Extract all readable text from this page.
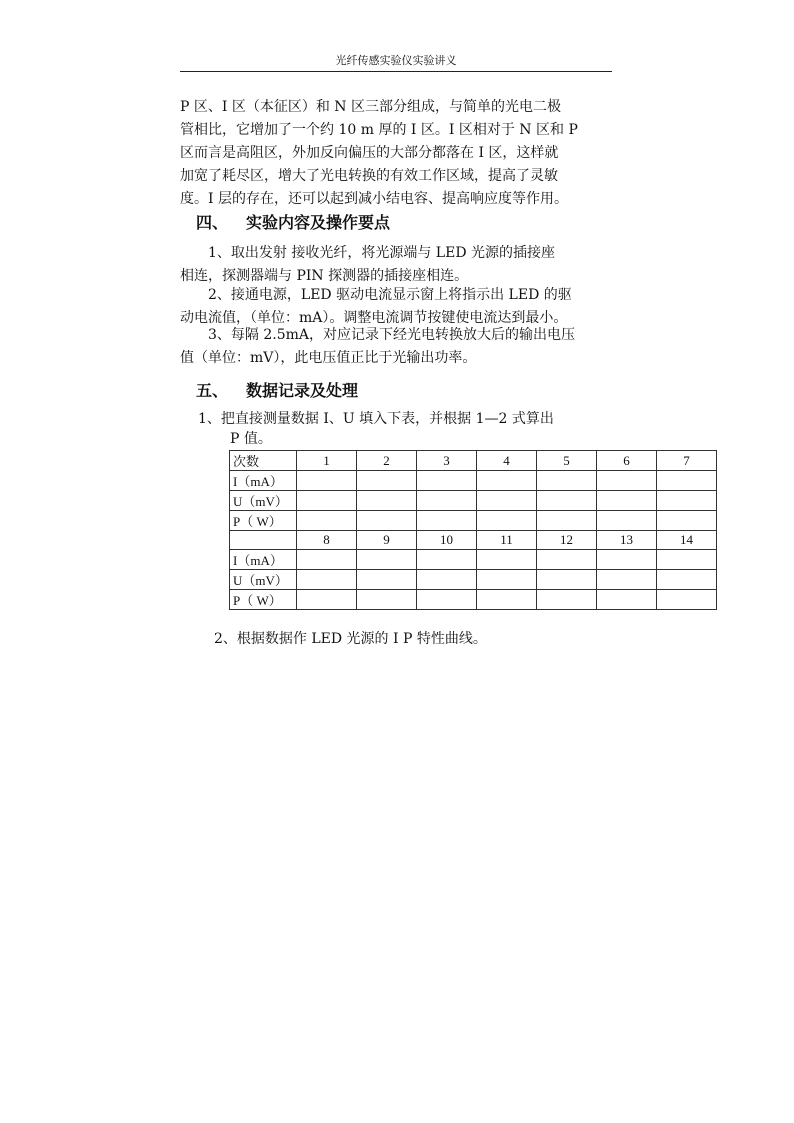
光纤传感实验仪实验讲义

P 区、I 区（本征区）和 N 区三部分组成，与简单的光电二极
管相比，它增加了一个约 10 m 厚的 I 区。I 区相对于 N 区和 P
区而言是高阻区，外加反向偏压的大部分都落在 I 区，这样就
加宽了耗尽区，增大了光电转换的有效工作区域，提高了灵敏
度。I 层的存在，还可以起到减小结电容、提高响应度等作用。

四、 实验内容及操作要点
1、取出发射 接收光纤，将光源端与 LED 光源的插接座
相连，探测器端与 PIN 探测器的插接座相连。
2、接通电源，LED 驱动电流显示窗上将指示出 LED 的驱
动电流值，（单位：mA）。调整电流调节按键使电流达到最小。
3、每隔 2.5mA，对应记录下经光电转换放大后的输出电压
值（单位：mV），此电压值正比于光输出功率。
五、 数据记录及处理
1、把直接测量数据 I、U 填入下表，并根据 1—2 式算出
P 值。
次数	1	2	3	4	5	6	7
I（mA）							
U（mV）							
P（ W）							
	8	9	10	11	12	13	14
I（mA）							
U（mV）							
P（ W）							
2、根据数据作 LED 光源的 I P 特性曲线。
